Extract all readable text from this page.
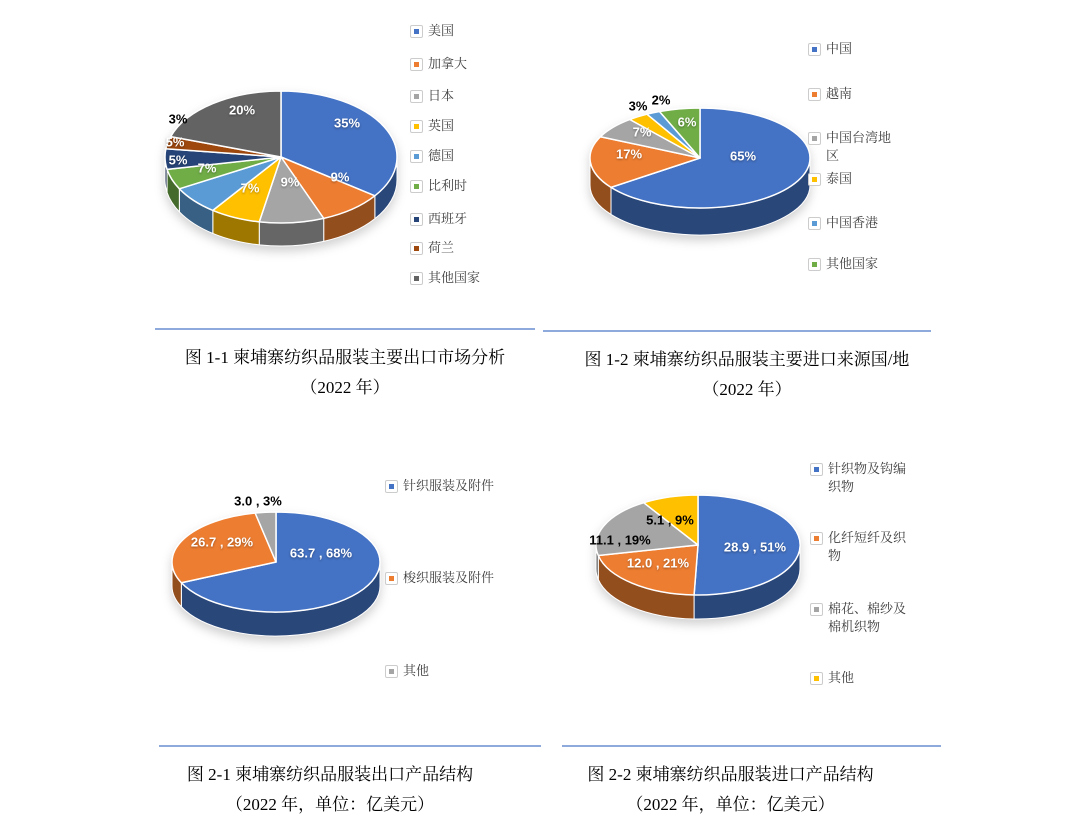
35%
9%
9%
7%
7%
5%
5%
3%
20%
美国
加拿大
日本
英国
德国
比利时
西班牙
荷兰
其他国家
65%
17%
7%
3% 2%
6%
中国
越南
中国台湾地区
泰国
中国香港
其他国家
63.7 , 68%
26.7 , 29%
3.0 , 3%
针织服装及附件
梭织服装及附件
其他
28.9 , 51%
12.0 , 21%
11.1 , 19%
5.1 , 9%
针织物及钩编织物
化纤短纤及织物
棉花、棉纱及棉机织物
其他
图 1-1 柬埔寨纺织品服装主要出口市场分析
（2022 年）
图 1-2 柬埔寨纺织品服装主要进口来源国/地
（2022 年）
图 2-1 柬埔寨纺织品服装出口产品结构
（2022 年，单位：亿美元）
图 2-2 柬埔寨纺织品服装进口产品结构
（2022 年，单位：亿美元）
